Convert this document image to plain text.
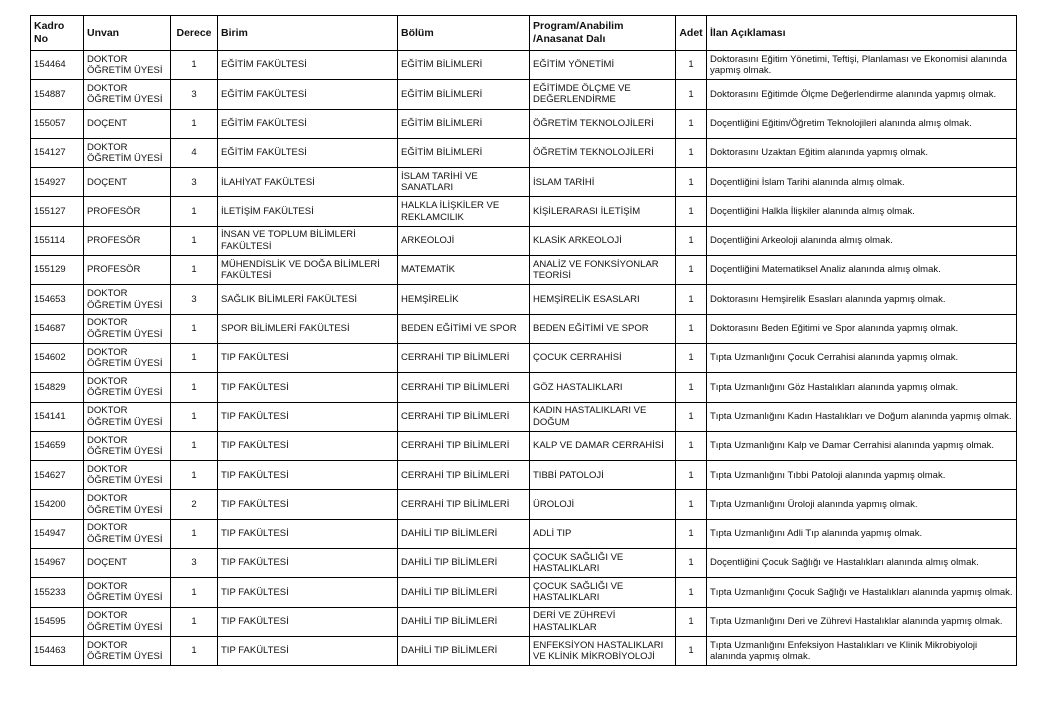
Kadro No	Unvan	Derece	Birim	Bölüm	Program/Anabilim /Anasanat Dalı	Adet	İlan Açıklaması
154464	DOKTOR ÖĞRETİM ÜYESİ	1	EĞİTİM FAKÜLTESİ	EĞİTİM BİLİMLERİ	EĞİTİM YÖNETİMİ	1	Doktorasını Eğitim Yönetimi, Teftişi, Planlaması ve Ekonomisi alanında yapmış olmak.
154887	DOKTOR ÖĞRETİM ÜYESİ	3	EĞİTİM FAKÜLTESİ	EĞİTİM BİLİMLERİ	EĞİTİMDE ÖLÇME VE DEĞERLENDİRME	1	Doktorasını Eğitimde Ölçme Değerlendirme alanında yapmış olmak.
155057	DOÇENT	1	EĞİTİM FAKÜLTESİ	EĞİTİM BİLİMLERİ	ÖĞRETİM TEKNOLOJİLERİ	1	Doçentliğini Eğitim/Öğretim Teknolojileri alanında almış olmak.
154127	DOKTOR ÖĞRETİM ÜYESİ	4	EĞİTİM FAKÜLTESİ	EĞİTİM BİLİMLERİ	ÖĞRETİM TEKNOLOJİLERİ	1	Doktorasını Uzaktan Eğitim alanında yapmış olmak.
154927	DOÇENT	3	İLAHİYAT FAKÜLTESİ	İSLAM TARİHİ VE SANATLARI	İSLAM TARİHİ	1	Doçentliğini İslam Tarihi alanında almış olmak.
155127	PROFESÖR	1	İLETİŞİM FAKÜLTESİ	HALKLA İLİŞKİLER VE REKLAMCILIK	KİŞİLERARASI İLETİŞİM	1	Doçentliğini Halkla İlişkiler alanında almış olmak.
155114	PROFESÖR	1	İNSAN VE TOPLUM BİLİMLERİ FAKÜLTESİ	ARKEOLOJİ	KLASİK ARKEOLOJİ	1	Doçentliğini Arkeoloji alanında almış olmak.
155129	PROFESÖR	1	MÜHENDİSLİK VE DOĞA BİLİMLERİ FAKÜLTESİ	MATEMATİK	ANALİZ VE FONKSİYONLAR TEORİSİ	1	Doçentliğini Matematiksel Analiz alanında almış olmak.
154653	DOKTOR ÖĞRETİM ÜYESİ	3	SAĞLIK BİLİMLERİ FAKÜLTESİ	HEMŞİRELİK	HEMŞİRELİK ESASLARI	1	Doktorasını Hemşirelik Esasları alanında yapmış olmak.
154687	DOKTOR ÖĞRETİM ÜYESİ	1	SPOR BİLİMLERİ FAKÜLTESİ	BEDEN EĞİTİMİ VE SPOR	BEDEN EĞİTİMİ VE SPOR	1	Doktorasını Beden Eğitimi ve Spor alanında yapmış olmak.
154602	DOKTOR ÖĞRETİM ÜYESİ	1	TIP FAKÜLTESİ	CERRAHİ TIP BİLİMLERİ	ÇOCUK CERRAHİSİ	1	Tıpta Uzmanlığını Çocuk Cerrahisi alanında yapmış olmak.
154829	DOKTOR ÖĞRETİM ÜYESİ	1	TIP FAKÜLTESİ	CERRAHİ TIP BİLİMLERİ	GÖZ HASTALIKLARI	1	Tıpta Uzmanlığını Göz Hastalıkları alanında yapmış olmak.
154141	DOKTOR ÖĞRETİM ÜYESİ	1	TIP FAKÜLTESİ	CERRAHİ TIP BİLİMLERİ	KADIN HASTALIKLARI VE DOĞUM	1	Tıpta Uzmanlığını Kadın Hastalıkları ve Doğum alanında yapmış olmak.
154659	DOKTOR ÖĞRETİM ÜYESİ	1	TIP FAKÜLTESİ	CERRAHİ TIP BİLİMLERİ	KALP VE DAMAR CERRAHİSİ	1	Tıpta Uzmanlığını Kalp ve Damar Cerrahisi alanında yapmış olmak.
154627	DOKTOR ÖĞRETİM ÜYESİ	1	TIP FAKÜLTESİ	CERRAHİ TIP BİLİMLERİ	TIBBİ PATOLOJİ	1	Tıpta Uzmanlığını Tıbbi Patoloji alanında yapmış olmak.
154200	DOKTOR ÖĞRETİM ÜYESİ	2	TIP FAKÜLTESİ	CERRAHİ TIP BİLİMLERİ	ÜROLOJİ	1	Tıpta Uzmanlığını Üroloji alanında yapmış olmak.
154947	DOKTOR ÖĞRETİM ÜYESİ	1	TIP FAKÜLTESİ	DAHİLİ TIP BİLİMLERİ	ADLİ TIP	1	Tıpta Uzmanlığını Adli Tıp alanında yapmış olmak.
154967	DOÇENT	3	TIP FAKÜLTESİ	DAHİLİ TIP BİLİMLERİ	ÇOCUK SAĞLIĞI VE HASTALIKLARI	1	Doçentliğini Çocuk Sağlığı ve Hastalıkları alanında almış olmak.
155233	DOKTOR ÖĞRETİM ÜYESİ	1	TIP FAKÜLTESİ	DAHİLİ TIP BİLİMLERİ	ÇOCUK SAĞLIĞI VE HASTALIKLARI	1	Tıpta Uzmanlığını Çocuk Sağlığı ve Hastalıkları alanında yapmış olmak.
154595	DOKTOR ÖĞRETİM ÜYESİ	1	TIP FAKÜLTESİ	DAHİLİ TIP BİLİMLERİ	DERİ VE ZÜHREVİ HASTALIKLAR	1	Tıpta Uzmanlığını Deri ve Zührevi Hastalıklar alanında yapmış olmak.
154463	DOKTOR ÖĞRETİM ÜYESİ	1	TIP FAKÜLTESİ	DAHİLİ TIP BİLİMLERİ	ENFEKSİYON HASTALIKLARI VE KLİNİK MİKROBİYOLOJİ	1	Tıpta Uzmanlığını Enfeksiyon Hastalıkları ve Klinik Mikrobiyoloji alanında yapmış olmak.
